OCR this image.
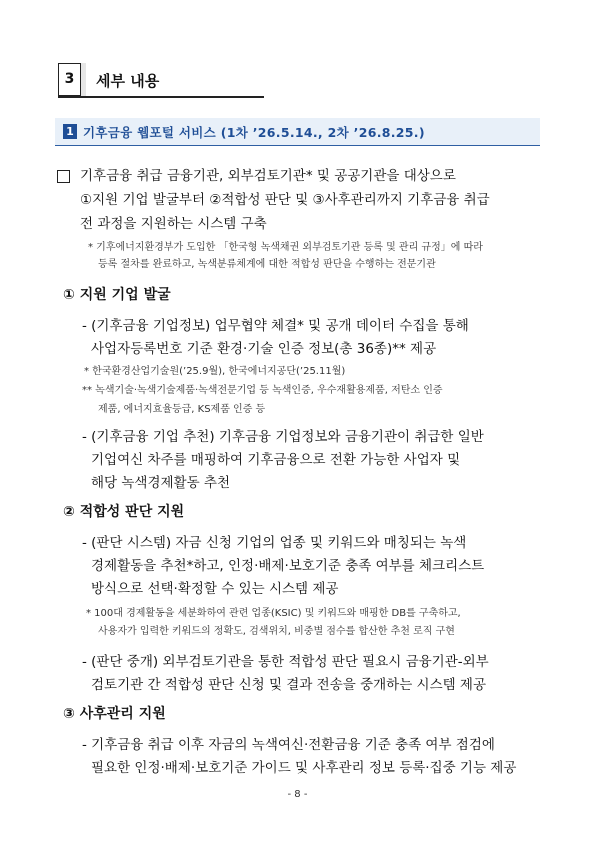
3	세부 내용
1 기후금융 웹포털 서비스 (1차 ’26.5.14., 2차 ’26.8.25.)
기후금융 취급 금융기관, 외부검토기관* 및 공공기관을 대상으로
①지원 기업 발굴부터 ②적합성 판단 및 ③사후관리까지 기후금융 취급
전 과정을 지원하는 시스템 구축
* 기후에너지환경부가 도입한 「한국형 녹색채권 외부검토기관 등록 및 관리 규정」에 따라
등록 절차를 완료하고, 녹색분류체계에 대한 적합성 판단을 수행하는 전문기관
① 지원 기업 발굴
- (기후금융 기업정보) 업무협약 체결* 및 공개 데이터 수집을 통해
사업자등록번호 기준 환경·기술 인증 정보(총 36종)** 제공
* 한국환경산업기술원(’25.9월), 한국에너지공단(’25.11월)
** 녹색기술·녹색기술제품·녹색전문기업 등 녹색인증, 우수재활용제품, 저탄소 인증
제품, 에너지효율등급, KS제품 인증 등
- (기후금융 기업 추천) 기후금융 기업정보와 금융기관이 취급한 일반
기업여신 차주를 매핑하여 기후금융으로 전환 가능한 사업자 및
해당 녹색경제활동 추천
② 적합성 판단 지원
- (판단 시스템) 자금 신청 기업의 업종 및 키워드와 매칭되는 녹색
경제활동을 추천*하고, 인정·배제·보호기준 충족 여부를 체크리스트
방식으로 선택·확정할 수 있는 시스템 제공
* 100대 경제활동을 세분화하여 관련 업종(KSIC) 및 키워드와 매핑한 DB를 구축하고,
사용자가 입력한 키워드의 정확도, 검색위치, 비중별 점수를 합산한 추천 로직 구현
- (판단 중개) 외부검토기관을 통한 적합성 판단 필요시 금융기관-외부
검토기관 간 적합성 판단 신청 및 결과 전송을 중개하는 시스템 제공
③ 사후관리 지원
- 기후금융 취급 이후 자금의 녹색여신·전환금융 기준 충족 여부 점검에
필요한 인정·배제·보호기준 가이드 및 사후관리 정보 등록·집중 기능 제공
- 8 -
